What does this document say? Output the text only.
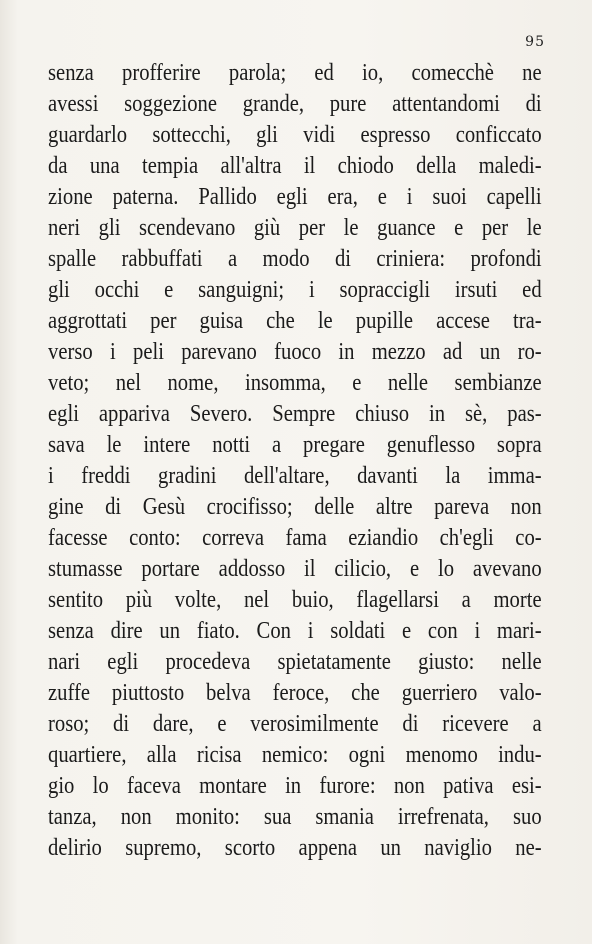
95
senza profferire parola; ed io, comecchè ne
avessi soggezione grande, pure attentandomi di
guardarlo sottecchi, gli vidi espresso conficcato
da una tempia all'altra il chiodo della maledi-
zione paterna. Pallido egli era, e i suoi capelli
neri gli scendevano giù per le guance e per le
spalle rabbuffati a modo di criniera: profondi
gli occhi e sanguigni; i sopraccigli irsuti ed
aggrottati per guisa che le pupille accese tra-
verso i peli parevano fuoco in mezzo ad un ro-
veto; nel nome, insomma, e nelle sembianze
egli appariva Severo. Sempre chiuso in sè, pas-
sava le intere notti a pregare genuflesso sopra
i freddi gradini dell'altare, davanti la imma-
gine di Gesù crocifisso; delle altre pareva non
facesse conto: correva fama eziandio ch'egli co-
stumasse portare addosso il cilicio, e lo avevano
sentito più volte, nel buio, flagellarsi a morte
senza dire un fiato. Con i soldati e con i mari-
nari egli procedeva spietatamente giusto: nelle
zuffe piuttosto belva feroce, che guerriero valo-
roso; di dare, e verosimilmente di ricevere a
quartiere, alla ricisa nemico: ogni menomo indu-
gio lo faceva montare in furore: non pativa esi-
tanza, non monito: sua smania irrefrenata, suo
delirio supremo, scorto appena un naviglio ne-
